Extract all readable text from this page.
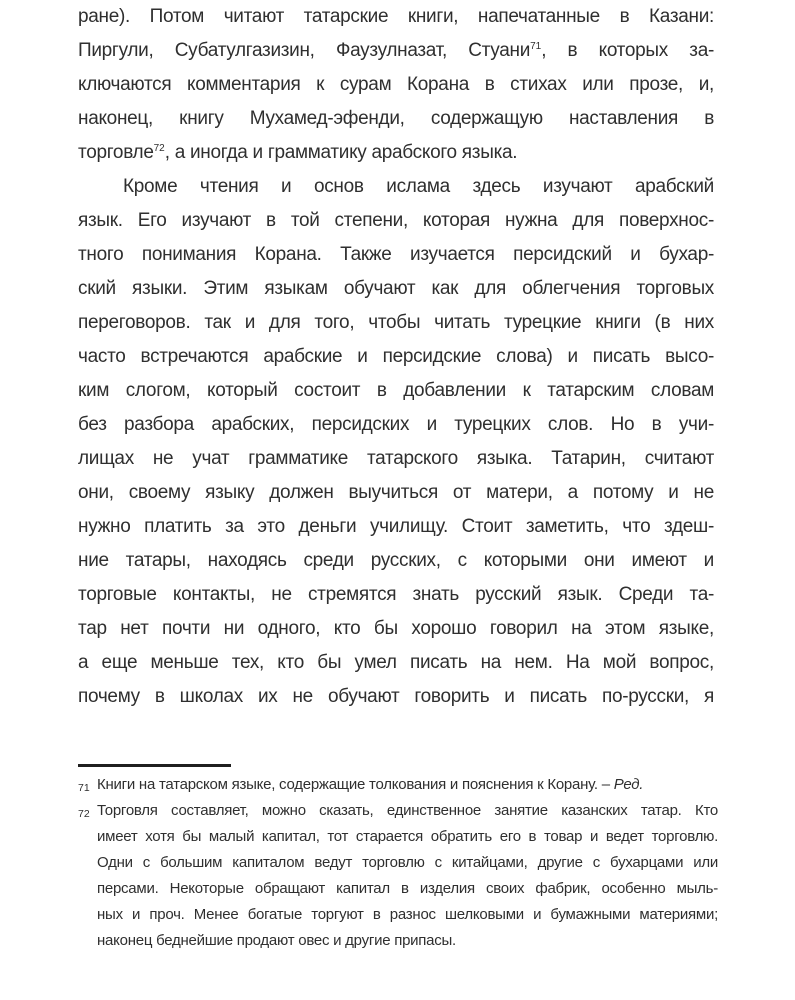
ране). Потом читают татарские книги, напечатанные в Казани:
Пиргули, Субатулгазизин, Фаузулназат, Стуани$^{71}$, в которых за-
ключаются комментария к сурам Корана в стихах или прозе, и,
наконец, книгу Мухамед-эфенди, содержащую наставления в
торговле$^{72}$, а иногда и грамматику арабского языка.
Кроме чтения и основ ислама здесь изучают арабский
язык. Его изучают в той степени, которая нужна для поверхнос-
тного понимания Корана. Также изучается персидский и бухар-
ский языки. Этим языкам обучают как для облегчения торговых
переговоров. так и для того, чтобы читать турецкие книги (в них
часто встречаются арабские и персидские слова) и писать высо-
ким слогом, который состоит в добавлении к татарским словам
без разбора арабских, персидских и турецких слов. Но в учи-
лищах не учат грамматике татарского языка. Татарин, считают
они, своему языку должен выучиться от матери, а потому и не
нужно платить за это деньги училищу. Стоит заметить, что здеш-
ние татары, находясь среди русских, с которыми они имеют и
торговые контакты, не стремятся знать русский язык. Среди та-
тар нет почти ни одного, кто бы хорошо говорил на этом языке,
а еще меньше тех, кто бы умел писать на нем. На мой вопрос,
почему в школах их не обучают говорить и писать по-русски, я
71 Книги на татарском языке, содержащие толкования и пояснения к Корану. – Ред.
72 Торговля составляет, можно сказать, единственное занятие казанских татар. Кто
имеет хотя бы малый капитал, тот старается обратить его в товар и ведет торговлю.
Одни с большим капиталом ведут торговлю с китайцами, другие с бухарцами или
персами. Некоторые обращают капитал в изделия своих фабрик, особенно мыль-
ных и проч. Менее богатые торгуют в разнос шелковыми и бумажными материями;
наконец беднейшие продают овес и другие припасы.
